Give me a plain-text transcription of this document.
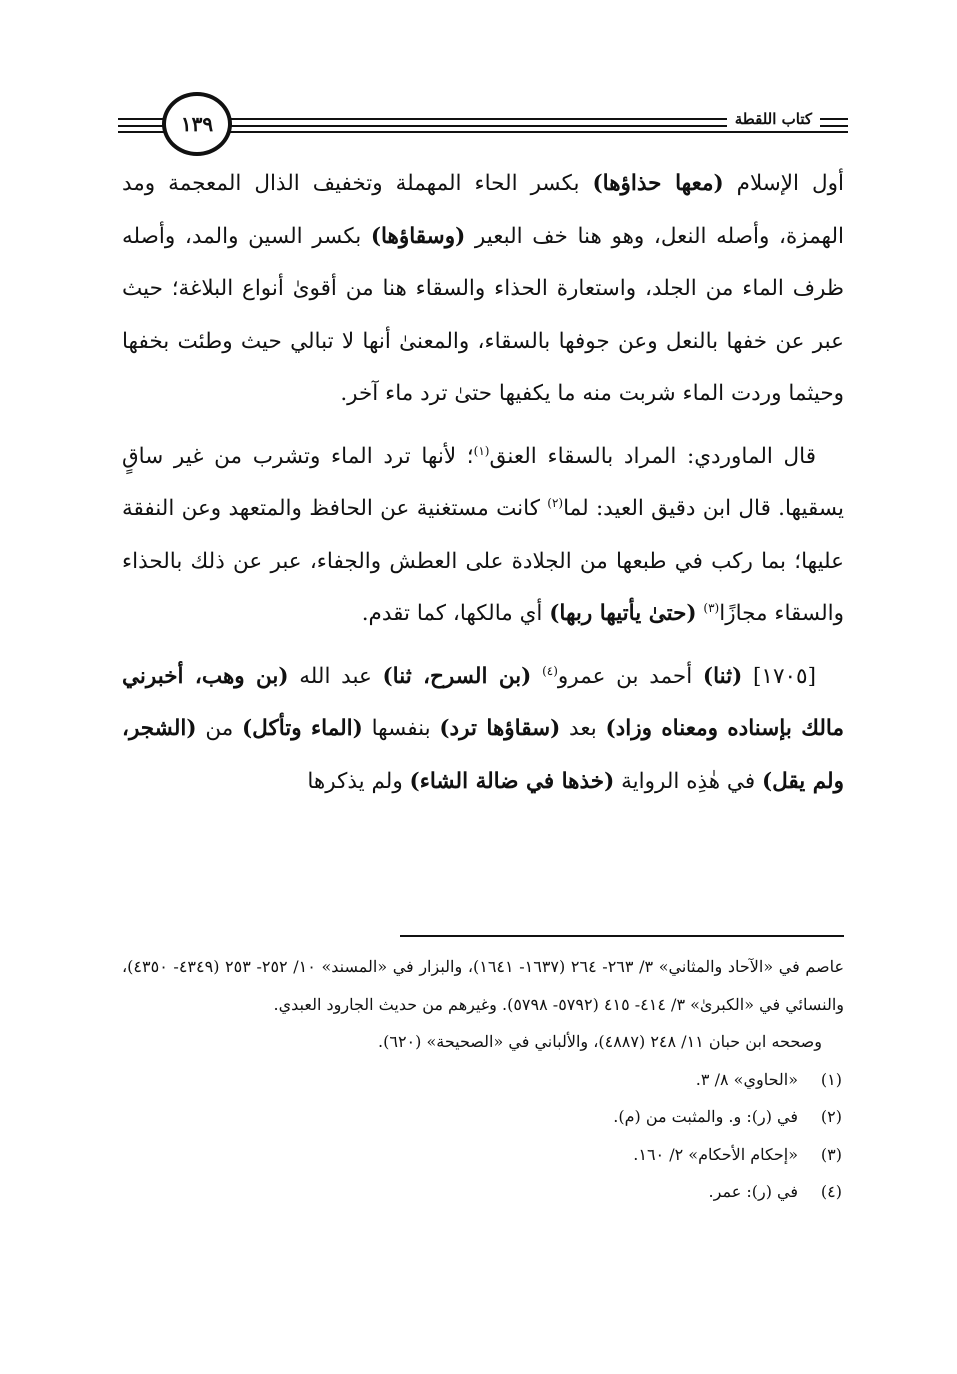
١٣٩	كتاب اللقطة

أول الإسلام (معها حذاؤها) بكسر الحاء المهملة وتخفيف الذال المعجمة ومد الهمزة، وأصله النعل، وهو هنا خف البعير (وسقاؤها) بكسر السين والمد، وأصله ظرف الماء من الجلد، واستعارة الحذاء والسقاء هنا من أقوىٰ أنواع البلاغة؛ حيث عبر عن خفها بالنعل وعن جوفها بالسقاء، والمعنىٰ أنها لا تبالي حيث وطئت بخفها وحيثما وردت الماء شربت منه ما يكفيها حتىٰ ترد ماء آخر.

قال الماوردي: المراد بالسقاء العنق$^{(١)}$؛ لأنها ترد الماء وتشرب من غير ساقٍ يسقيها. قال ابن دقيق العيد: لما$^{(٢)}$ كانت مستغنية عن الحافظ والمتعهد وعن النفقة عليها؛ بما ركب في طبعها من الجلادة على العطش والجفاء، عبر عن ذلك بالحذاء والسقاء مجازًا$^{(٣)}$ (حتىٰ يأتيها ربها) أي مالكها، كما تقدم.

[١٧٠٥] (ثنا) أحمد بن عمرو$^{(٤)}$ (بن السرح، ثنا) عبد الله (بن وهب، أخبرني مالك بإسناده ومعناه وزاد) بعد (سقاؤها ترد) بنفسها (الماء وتأكل) من (الشجر، ولم يقل) في هٰذِه الرواية (خذها في ضالة الشاء) ولم يذكرها

عاصم في «الآحاد والمثاني» ٣/ ٢٦٣- ٢٦٤ (١٦٣٧- ١٦٤١)، والبزار في «المسند» ١٠/ ٢٥٢- ٢٥٣ (٤٣٤٩- ٤٣٥٠)، والنسائي في «الكبرىٰ» ٣/ ٤١٤- ٤١٥ (٥٧٩٢- ٥٧٩٨). وغيرهم من حديث الجارود العبدي.

وصححه ابن حبان ١١/ ٢٤٨ (٤٨٨٧)، والألباني في «الصحيحة» (٦٢٠).

(١)«الحاوي» ٨/ ٣.

(٢)في (ر): و. والمثبت من (م).

(٣)«إحكام الأحكام» ٢/ ١٦٠.

(٤)في (ر): عمر.
